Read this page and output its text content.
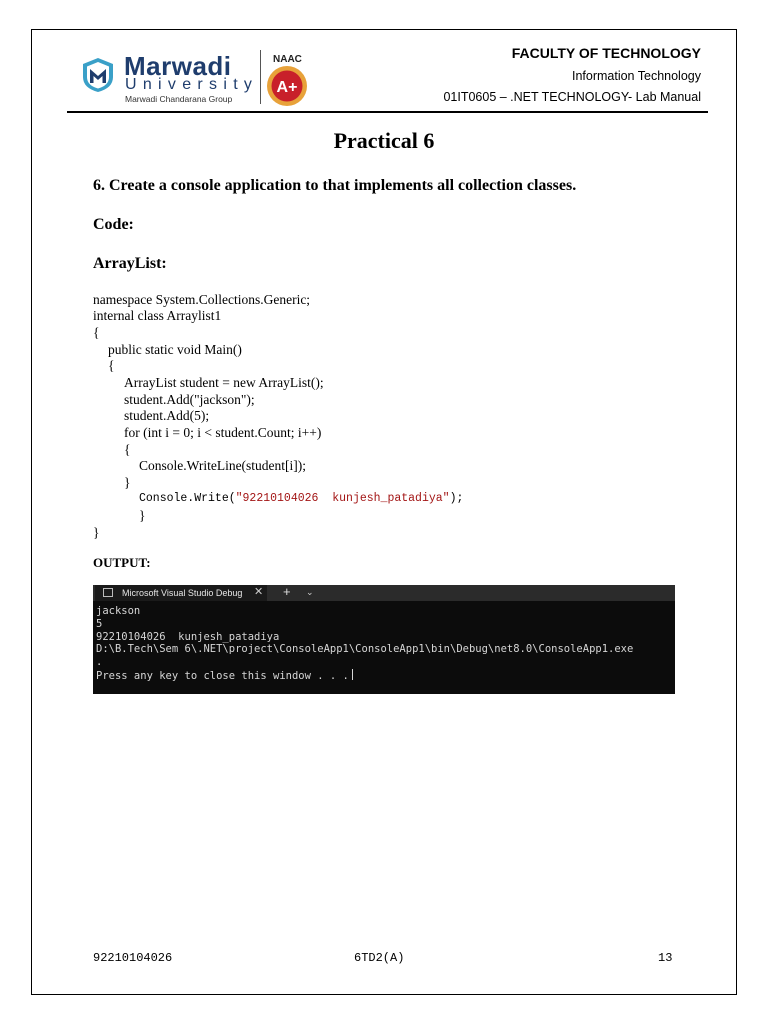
Marwadi
University
Marwadi Chandarana Group
NAAC
A+
FACULTY OF TECHNOLOGY
Information Technology
01IT0605 – .NET TECHNOLOGY- Lab Manual
Practical 6
6. Create a console application to that implements all collection classes.
Code:
ArrayList:
namespace System.Collections.Generic;
internal class Arraylist1
{
public static void Main()
{
ArrayList student = new ArrayList();
student.Add("jackson");
student.Add(5);
for (int i = 0; i < student.Count; i++)
{
Console.WriteLine(student[i]);
}
Console.Write("92210104026  kunjesh_patadiya");
}
}
OUTPUT:
Microsoft Visual Studio Debug ✕ + ⌄
jackson
5
92210104026  kunjesh_patadiya
D:\B.Tech\Sem 6\.NET\project\ConsoleApp1\ConsoleApp1\bin\Debug\net8.0\ConsoleApp1.exe
.
Press any key to close this window . . .
92210104026	6TD2(A)	13
